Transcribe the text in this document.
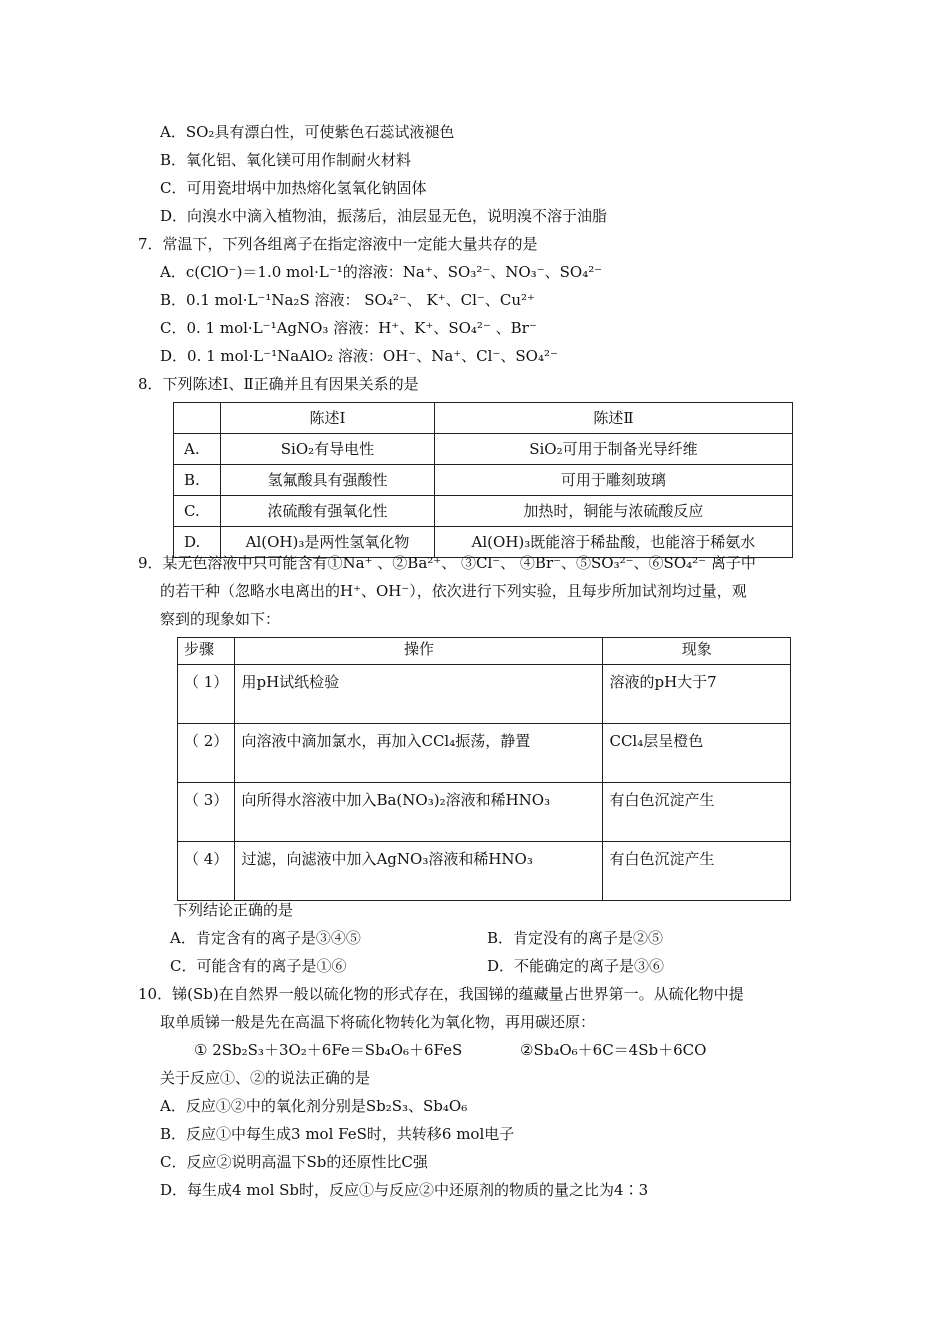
A．SO₂具有漂白性，可使紫色石蕊试液褪色
B．氧化铝、氧化镁可用作制耐火材料
C．可用瓷坩埚中加热熔化氢氧化钠固体
D．向溴水中滴入植物油，振荡后，油层显无色，说明溴不溶于油脂
7．常温下，下列各组离子在指定溶液中一定能大量共存的是
A．c(ClO⁻)＝1.0 mol·L⁻¹的溶液：Na⁺、SO₃²⁻、NO₃⁻、SO₄²⁻
B．0.1 mol·L⁻¹Na₂S 溶液： SO₄²⁻、 K⁺、Cl⁻、Cu²⁺
C．0. 1 mol·L⁻¹AgNO₃ 溶液：H⁺、K⁺、SO₄²⁻ 、Br⁻
D．0. 1 mol·L⁻¹NaAlO₂ 溶液：OH⁻、Na⁺、Cl⁻、SO₄²⁻
8．下列陈述Ⅰ、Ⅱ正确并且有因果关系的是
	陈述Ⅰ	陈述Ⅱ
A.	SiO₂有导电性	SiO₂可用于制备光导纤维
B.	氢氟酸具有强酸性	可用于雕刻玻璃
C.	浓硫酸有强氧化性	加热时，铜能与浓硫酸反应
D.	Al(OH)₃是两性氢氧化物	Al(OH)₃既能溶于稀盐酸，也能溶于稀氨水
9．某无色溶液中只可能含有①Na⁺ 、②Ba²⁺、 ③Cl⁻、 ④Br⁻、⑤SO₃²⁻、⑥SO₄²⁻ 离子中
的若干种（忽略水电离出的H⁺、OH⁻），依次进行下列实验，且每步所加试剂均过量，观
察到的现象如下：
步骤	操作	现象
（ 1）	用pH试纸检验	溶液的pH大于7
（ 2）	向溶液中滴加氯水，再加入CCl₄振荡，静置	CCl₄层呈橙色
（ 3）	向所得水溶液中加入Ba(NO₃)₂溶液和稀HNO₃	有白色沉淀产生
（ 4）	过滤，向滤液中加入AgNO₃溶液和稀HNO₃	有白色沉淀产生
下列结论正确的是
A．肯定含有的离子是③④⑤	B．肯定没有的离子是②⑤
C．可能含有的离子是①⑥	D．不能确定的离子是③⑥
10．锑(Sb)在自然界一般以硫化物的形式存在，我国锑的蕴藏量占世界第一。从硫化物中提
取单质锑一般是先在高温下将硫化物转化为氧化物，再用碳还原：
① 2Sb₂S₃＋3O₂＋6Fe＝Sb₄O₆＋6FeS	②Sb₄O₆＋6C＝4Sb＋6CO
关于反应①、②的说法正确的是
A．反应①②中的氧化剂分别是Sb₂S₃、Sb₄O₆
B．反应①中每生成3 mol FeS时，共转移6 mol电子
C．反应②说明高温下Sb的还原性比C强
D．每生成4 mol Sb时，反应①与反应②中还原剂的物质的量之比为4∶3
